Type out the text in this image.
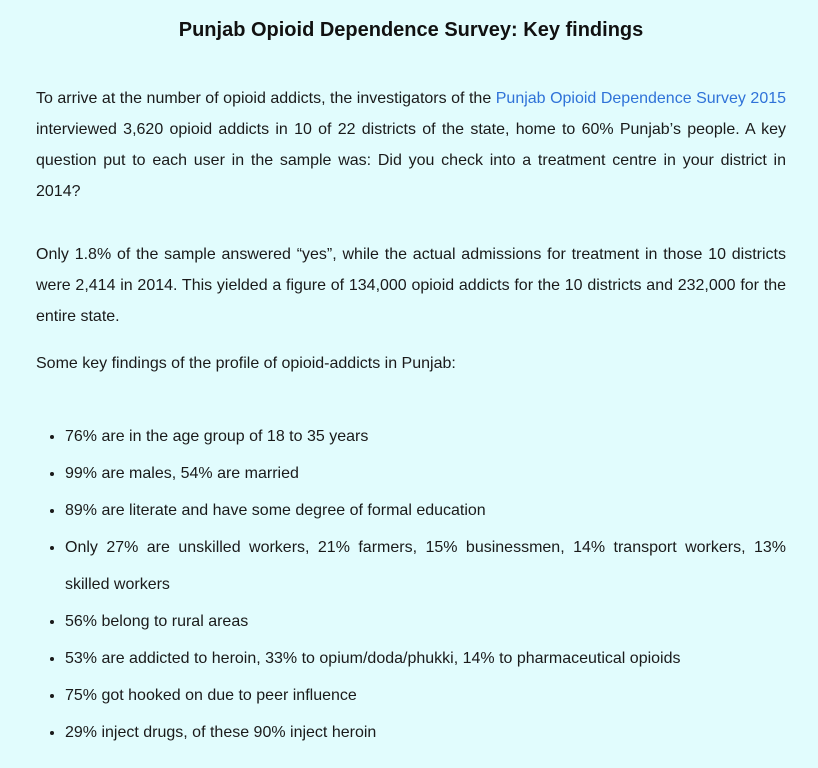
Punjab Opioid Dependence Survey: Key findings

To arrive at the number of opioid addicts, the investigators of the Punjab Opioid Dependence Survey 2015 interviewed 3,620 opioid addicts in 10 of 22 districts of the state, home to 60% Punjab’s people. A key question put to each user in the sample was: Did you check into a treatment centre in your district in 2014?

Only 1.8% of the sample answered “yes”, while the actual admissions for treatment in those 10 districts were 2,414 in 2014. This yielded a figure of 134,000 opioid addicts for the 10 districts and 232,000 for the entire state.

Some key findings of the profile of opioid-addicts in Punjab:

• 76% are in the age group of 18 to 35 years
• 99% are males, 54% are married
• 89% are literate and have some degree of formal education
• Only 27% are unskilled workers, 21% farmers, 15% businessmen, 14% transport workers, 13% skilled workers
• 56% belong to rural areas
• 53% are addicted to heroin, 33% to opium/doda/phukki, 14% to pharmaceutical opioids
• 75% got hooked on due to peer influence
• 29% inject drugs, of these 90% inject heroin
